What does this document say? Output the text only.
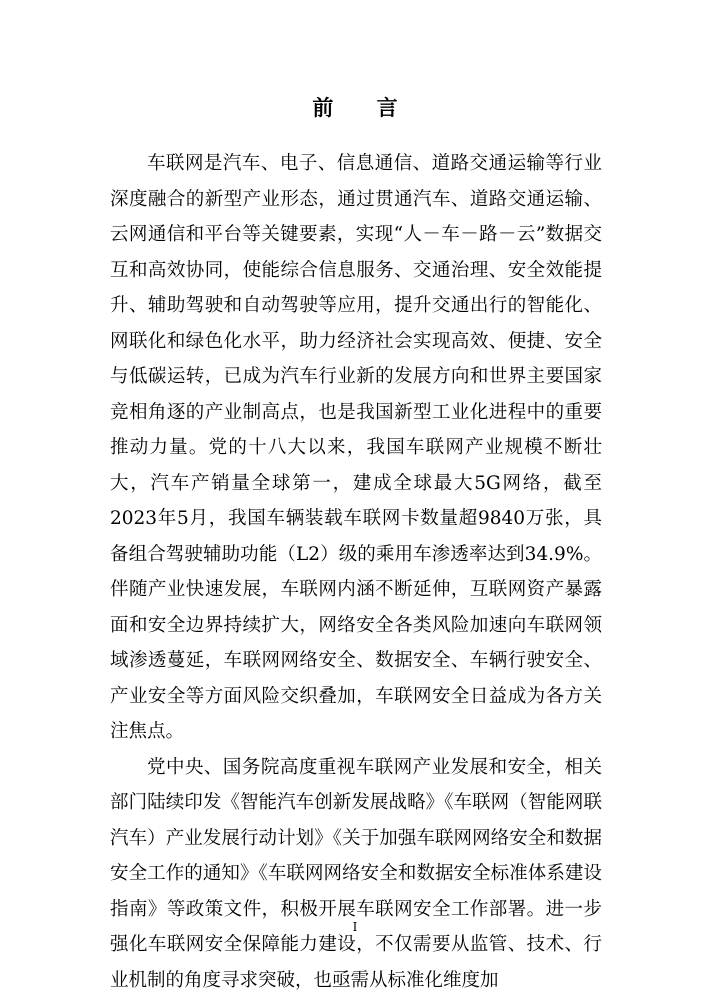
前 言

车联网是汽车、电子、信息通信、道路交通运输等行业深度融合的新型产业形态，通过贯通汽车、道路交通运输、云网通信和平台等关键要素，实现“人－车－路－云”数据交互和高效协同，使能综合信息服务、交通治理、安全效能提升、辅助驾驶和自动驾驶等应用，提升交通出行的智能化、网联化和绿色化水平，助力经济社会实现高效、便捷、安全与低碳运转，已成为汽车行业新的发展方向和世界主要国家竞相角逐的产业制高点，也是我国新型工业化进程中的重要推动力量。党的十八大以来，我国车联网产业规模不断壮大，汽车产销量全球第一，建成全球最大5G网络，截至2023年5月，我国车辆装载车联网卡数量超9840万张，具备组合驾驶辅助功能（L2）级的乘用车渗透率达到34.9%。伴随产业快速发展，车联网内涵不断延伸，互联网资产暴露面和安全边界持续扩大，网络安全各类风险加速向车联网领域渗透蔓延，车联网网络安全、数据安全、车辆行驶安全、产业安全等方面风险交织叠加，车联网安全日益成为各方关注焦点。

党中央、国务院高度重视车联网产业发展和安全，相关部门陆续印发《智能汽车创新发展战略》《车联网（智能网联汽车）产业发展行动计划》《关于加强车联网网络安全和数据安全工作的通知》《车联网网络安全和数据安全标准体系建设指南》等政策文件，积极开展车联网安全工作部署。进一步强化车联网安全保障能力建设，不仅需要从监管、技术、行业机制的角度寻求突破，也亟需从标准化维度加

I
